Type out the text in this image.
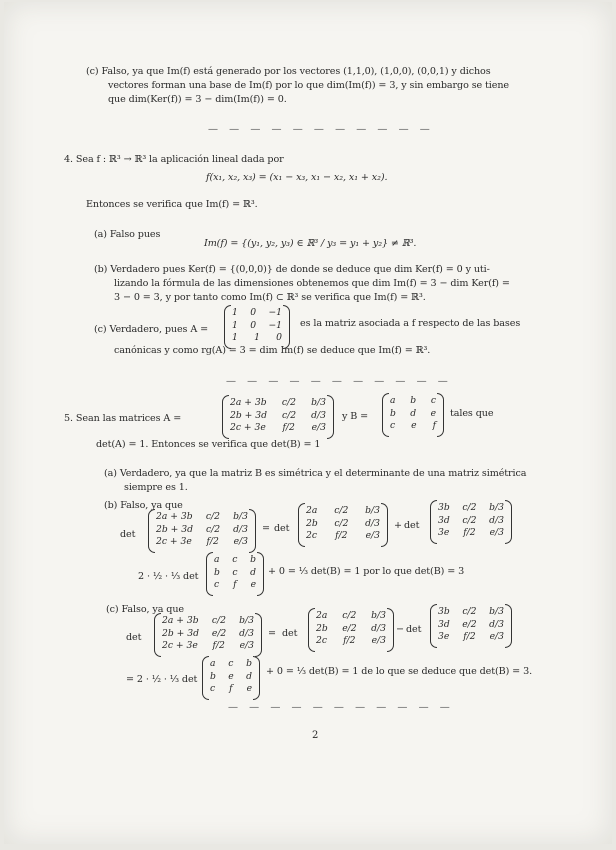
(c) Falso, ya que Im(f) está generado por los vectores (1,1,0), (1,0,0), (0,0,1) y dichos
vectores forman una base de Im(f) por lo que dim(Im(f)) = 3, y sin embargo se tiene
que dim(Ker(f)) = 3 − dim(Im(f)) = 0.
— — — — — — — — — — —
4. Sea f : ℝ³ → ℝ³ la aplicación lineal dada por
f(x₁, x₂, x₃) = (x₁ − x₃, x₁ − x₂, x₁ + x₂).
Entonces se verifica que Im(f) = ℝ³.
(a) Falso pues
Im(f) = {(y₁, y₂, y₃) ∈ ℝ³ / y₃ = y₁ + y₂} ≠ ℝ³.
(b) Verdadero pues Ker(f) = {(0,0,0)} de donde se deduce que dim Ker(f) = 0 y uti-
lizando la fórmula de las dimensiones obtenemos que dim Im(f) = 3 − dim Ker(f) =
3 − 0 = 3, y por tanto como Im(f) ⊂ ℝ³ se verifica que Im(f) = ℝ³.
(c) Verdadero, pues A =
1 0 −1
1 0 −1
1 1 0
es la matriz asociada a f respecto de las bases
canónicas y como rg(A) = 3 = dim Im(f) se deduce que Im(f) = ℝ³.
— — — — — — — — — — —
5. Sean las matrices A =
2a + 3b c/2 b/3
2b + 3d c/2 d/3
2c + 3e f/2 e/3
y B =
a b c
b d e
c e f
tales que
det(A) = 1. Entonces se verifica que det(B) = 1
(a) Verdadero, ya que la matriz B es simétrica y el determinante de una matriz simétrica
siempre es 1.
(b) Falso, ya que
det
2a + 3b c/2 b/3
2b + 3d c/2 d/3
2c + 3e f/2 e/3
= det
2a c/2 b/3
2b c/2 d/3
2c f/2 e/3
+ det
3b c/2 b/3
3d c/2 d/3
3e f/2 e/3
2 · ½ · ⅓ det
a c b
b c d
c f e
+ 0 = ⅓ det(B) = 1 por lo que det(B) = 3
(c) Falso, ya que
det
2a + 3b c/2 b/3
2b + 3d e/2 d/3
2c + 3e f/2 e/3
= det
2a c/2 b/3
2b e/2 d/3
2c f/2 e/3
− det
3b c/2 b/3
3d e/2 d/3
3e f/2 e/3
= 2 · ½ · ⅓ det
a c b
b e d
c f e
+ 0 = ⅓ det(B) = 1 de lo que se deduce que det(B) = 3.
— — — — — — — — — — —
2
